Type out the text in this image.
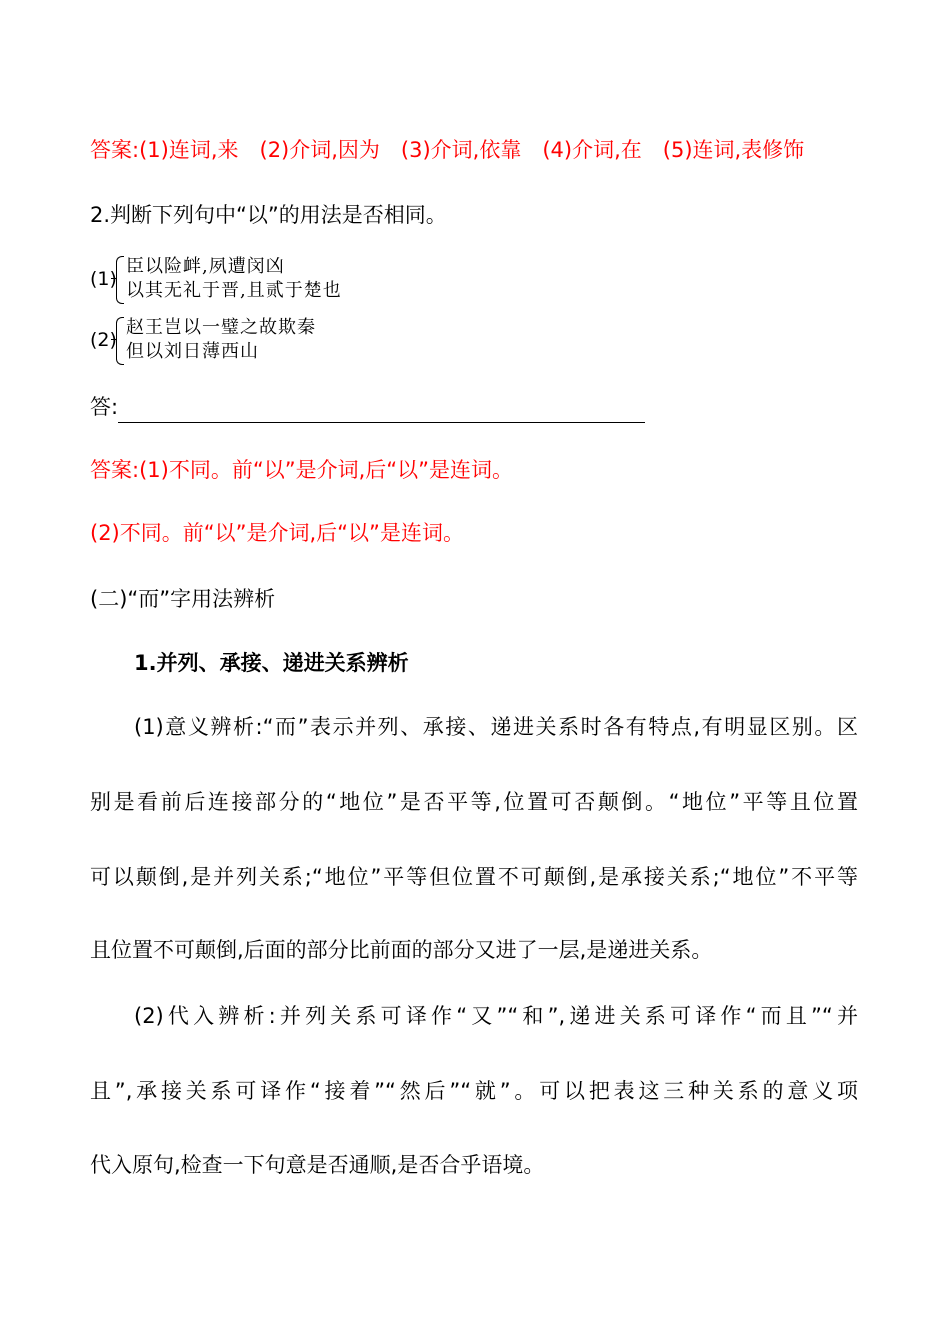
答案:(1)连词,来　(2)介词,因为　(3)介词,依靠　(4)介词,在　(5)连词,表修饰
2.判断下列句中“以”的用法是否相同。
(1)
臣以险衅,夙遭闵凶
以其无礼于晋,且贰于楚也
(2)
赵王岂以一璧之故欺秦
但以刘日薄西山
答:
答案:(1)不同。前“以”是介词,后“以”是连词。
(2)不同。前“以”是介词,后“以”是连词。
(二)“而”字用法辨析
1.并列、承接、递进关系辨析
(1)意义辨析:“而”表示并列、承接、递进关系时各有特点,有明显区别。区
别是看前后连接部分的“地位”是否平等,位置可否颠倒。“地位”平等且位置
可以颠倒,是并列关系;“地位”平等但位置不可颠倒,是承接关系;“地位”不平等
且位置不可颠倒,后面的部分比前面的部分又进了一层,是递进关系。
(2)代入辨析:并列关系可译作“又”“和”,递进关系可译作“而且”“并
且”,承接关系可译作“接着”“然后”“就”。可以把表这三种关系的意义项
代入原句,检查一下句意是否通顺,是否合乎语境。
